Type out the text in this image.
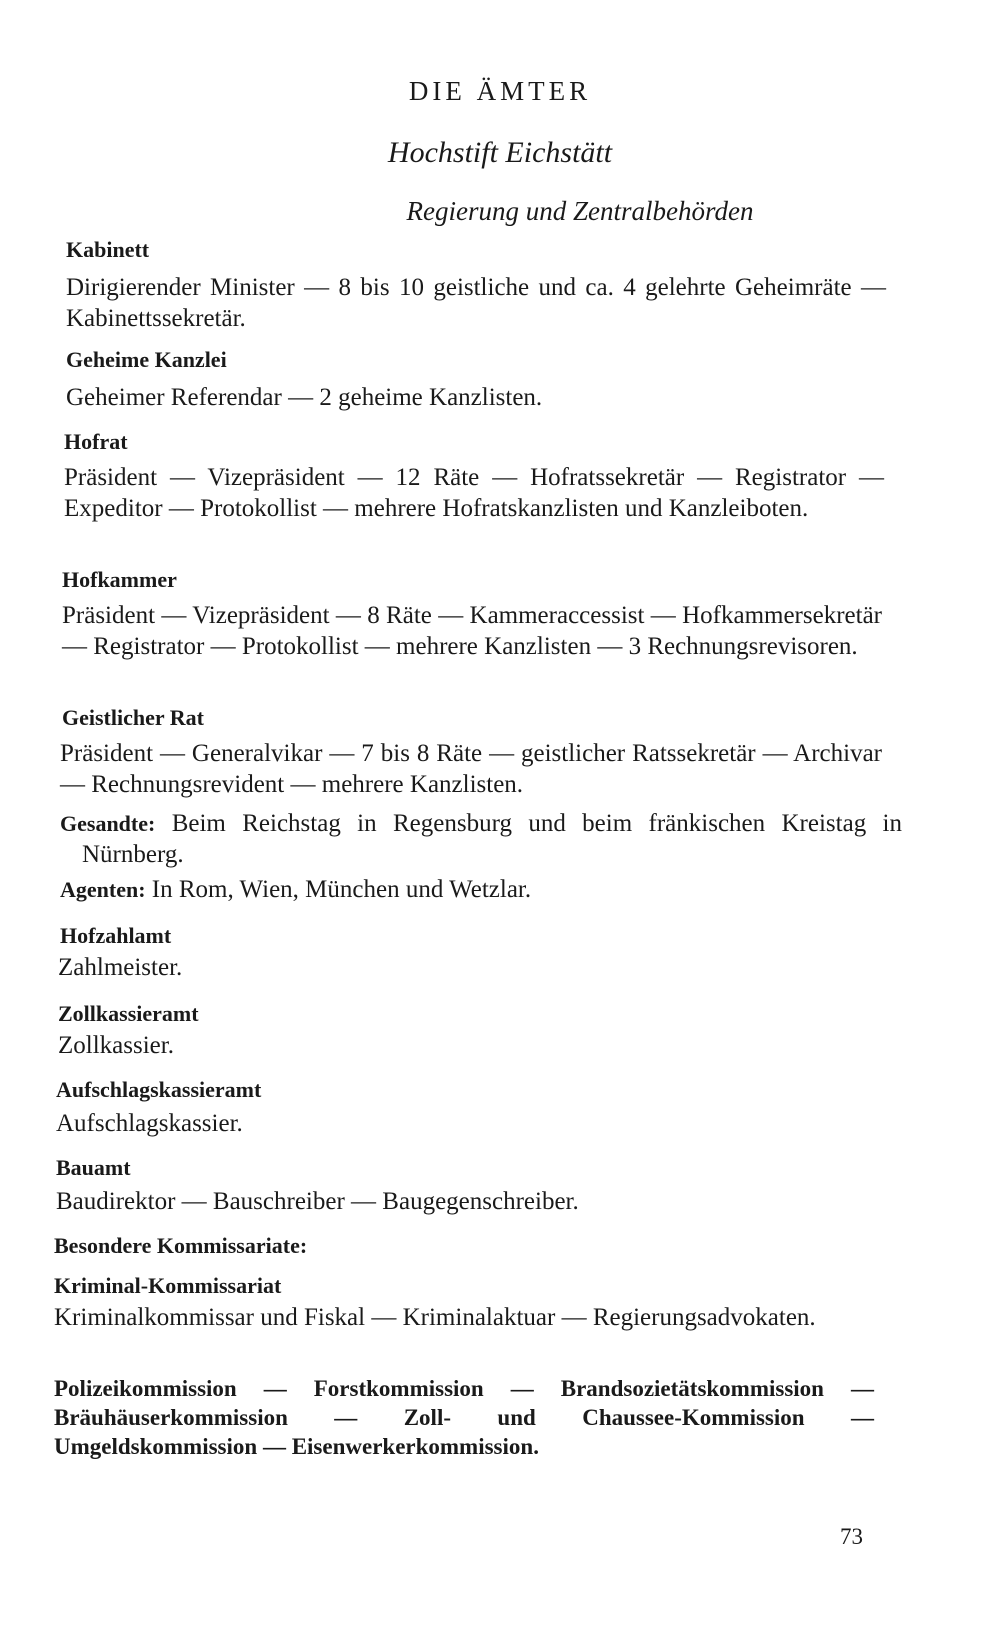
DIE ÄMTER
Hochstift Eichstätt
Regierung und Zentralbehörden
Kabinett
Dirigierender Minister — 8 bis 10 geistliche und ca. 4 gelehrte Geheimräte — Kabinettssekretär.
Geheime Kanzlei
Geheimer Referendar — 2 geheime Kanzlisten.
Hofrat
Präsident — Vizepräsident — 12 Räte — Hofratssekretär — Registrator — Expeditor — Protokollist — mehrere Hofratskanzlisten und Kanzleiboten.
Hofkammer
Präsident — Vizepräsident — 8 Räte — Kammeraccessist — Hofkammersekretär — Registrator — Protokollist — mehrere Kanzlisten — 3 Rechnungsrevisoren.
Geistlicher Rat
Präsident — Generalvikar — 7 bis 8 Räte — geistlicher Ratssekretär — Archivar — Rechnungsrevident — mehrere Kanzlisten.
Gesandte: Beim Reichstag in Regensburg und beim fränkischen Kreistag in Nürnberg.
Agenten: In Rom, Wien, München und Wetzlar.
Hofzahlamt
Zahlmeister.
Zollkassieramt
Zollkassier.
Aufschlagskassieramt
Aufschlagskassier.
Bauamt
Baudirektor — Bauschreiber — Baugegenschreiber.
Besondere Kommissariate:
Kriminal-Kommissariat
Kriminalkommissar und Fiskal — Kriminalaktuar — Regierungsadvokaten.
Polizeikommission — Forstkommission — Brandsozietätskommission — Bräuhäuserkommission — Zoll- und Chaussee-Kommission — Umgeldskommission — Eisenwerkerkommission.
73
